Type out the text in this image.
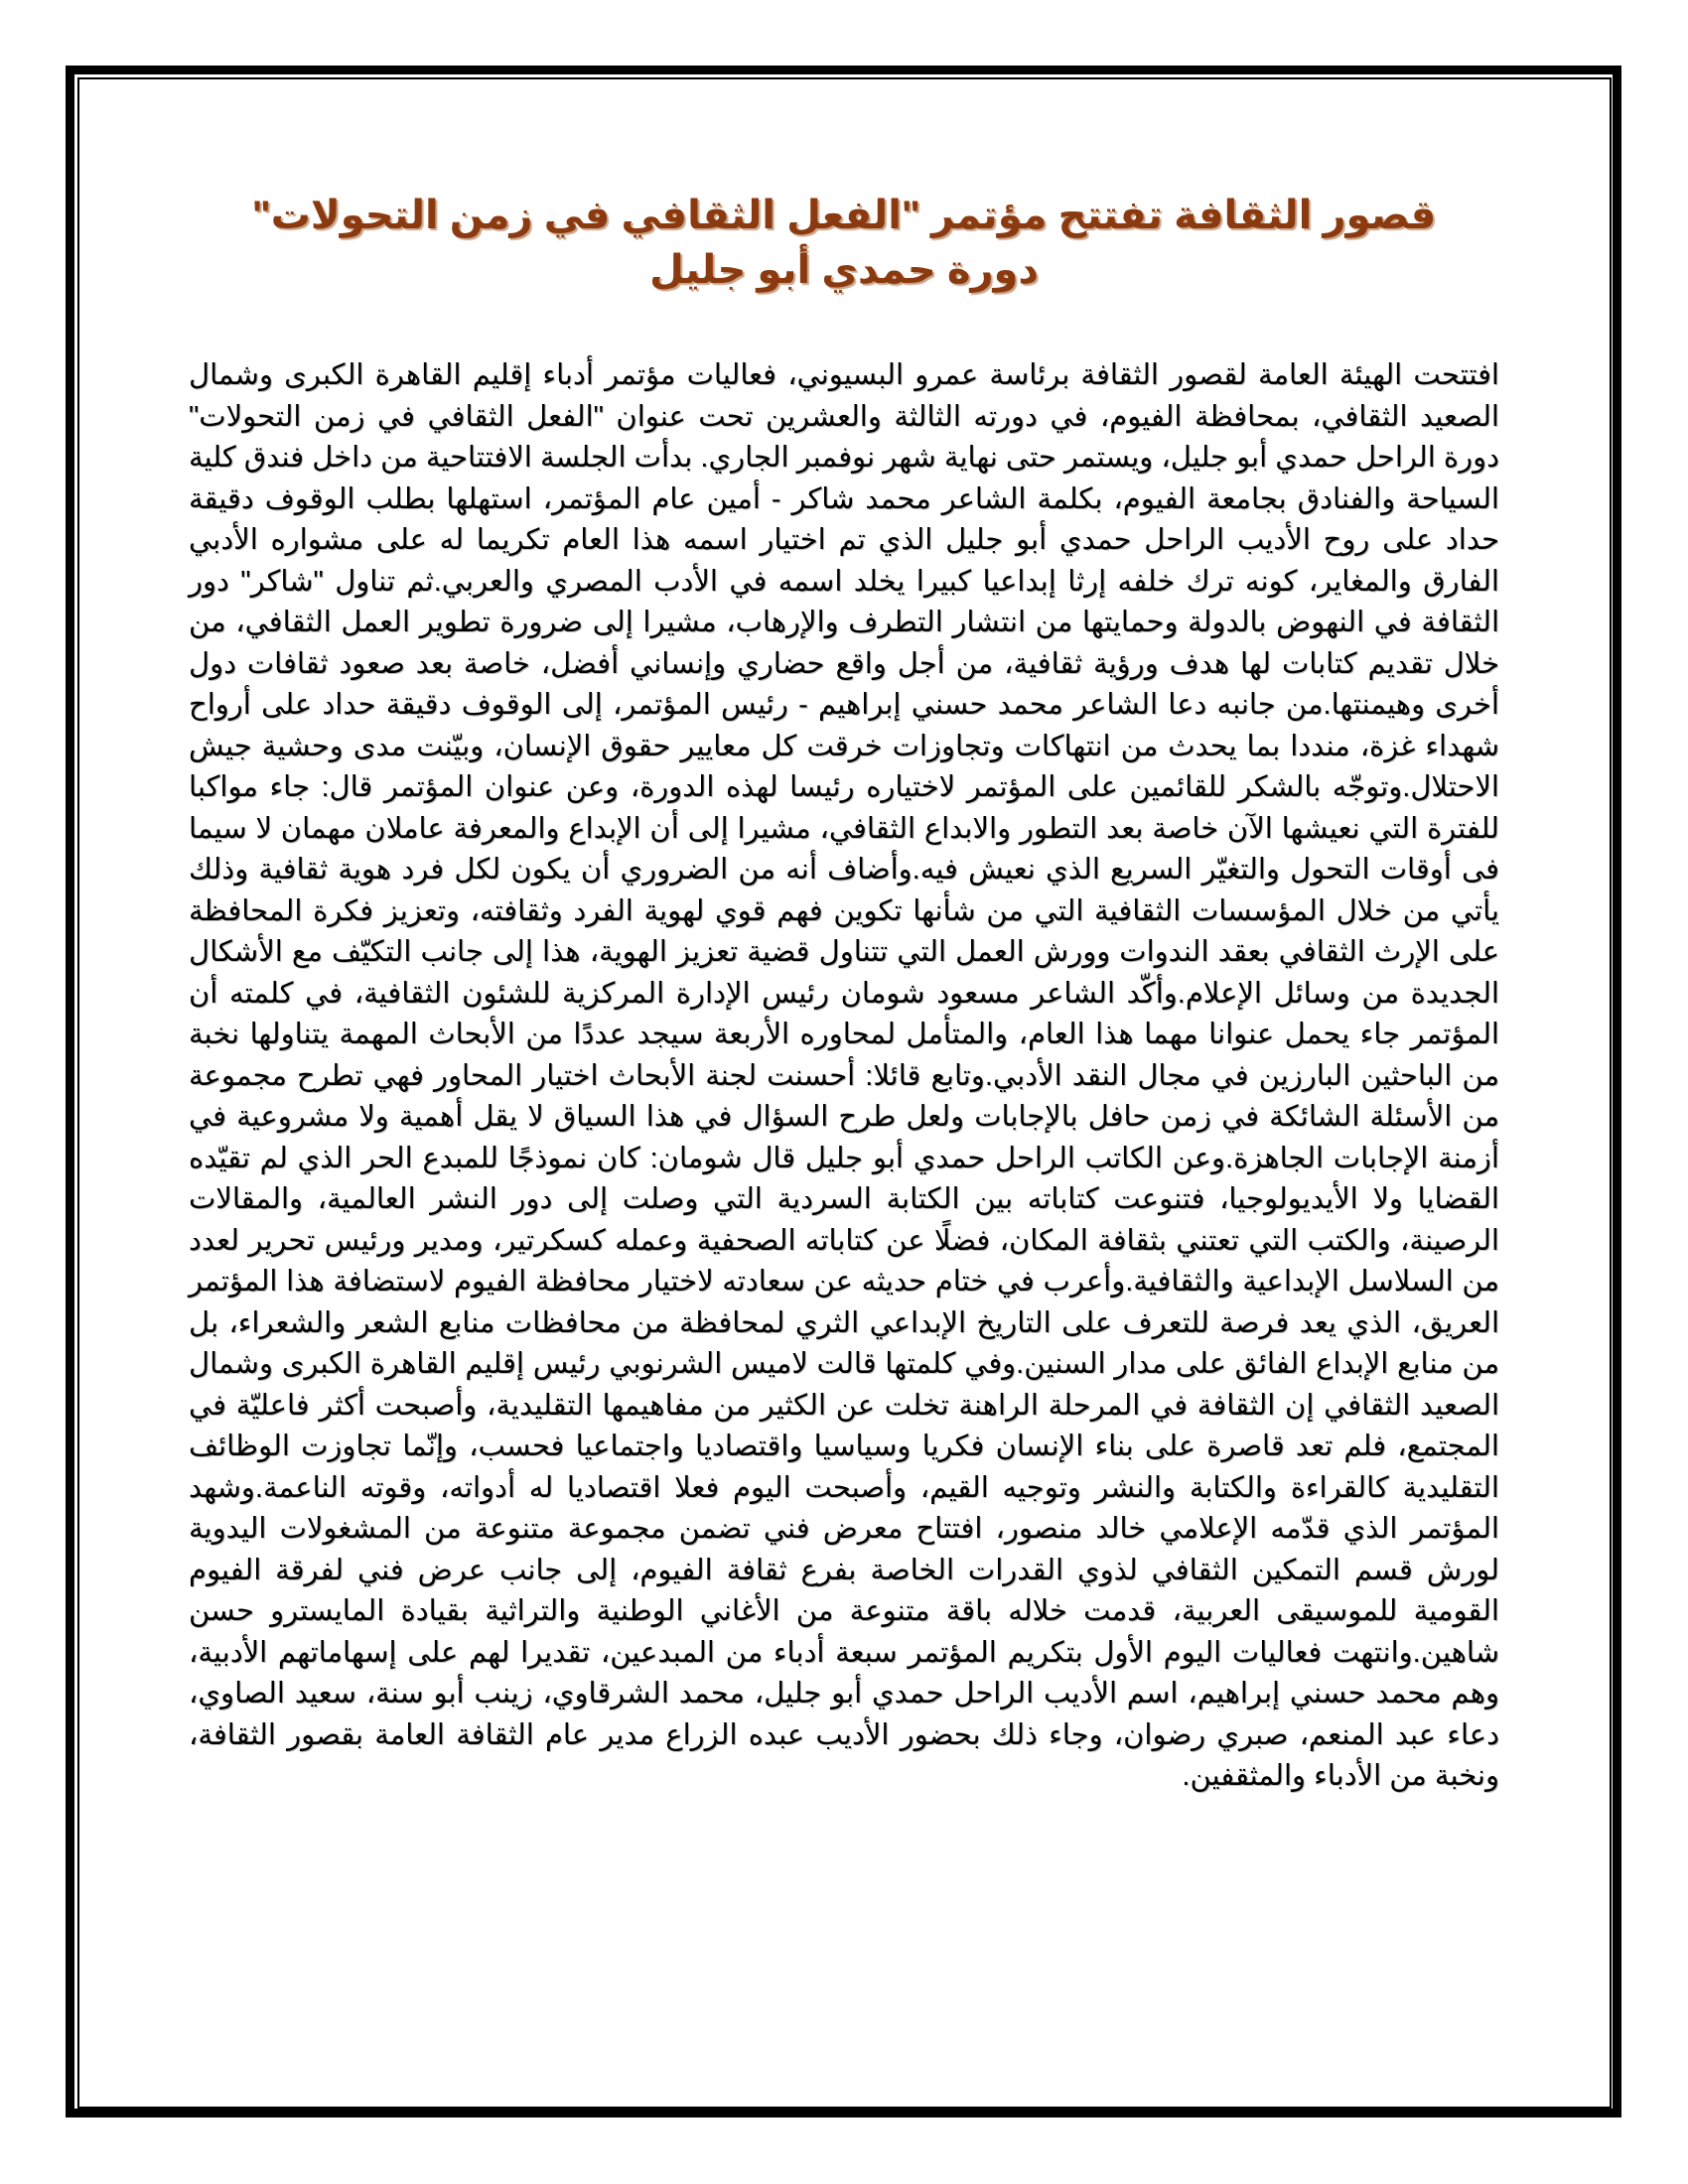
قصور الثقافة تفتتح مؤتمر "الفعل الثقافي في زمن التحولات" دورة حمدي أبو جليل

افتتحت الهيئة العامة لقصور الثقافة برئاسة عمرو البسيوني، فعاليات مؤتمر أدباء إقليم القاهرة الكبرى وشمال الصعيد الثقافي، بمحافظة الفيوم، في دورته الثالثة والعشرين تحت عنوان "الفعل الثقافي في زمن التحولات" دورة الراحل حمدي أبو جليل، ويستمر حتى نهاية شهر نوفمبر الجاري. بدأت الجلسة الافتتاحية من داخل فندق كلية السياحة والفنادق بجامعة الفيوم، بكلمة الشاعر محمد شاكر - أمين عام المؤتمر، استهلها بطلب الوقوف دقيقة حداد على روح الأديب الراحل حمدي أبو جليل الذي تم اختيار اسمه هذا العام تكريما له على مشواره الأدبي الفارق والمغاير، كونه ترك خلفه إرثا إبداعيا كبيرا يخلد اسمه في الأدب المصري والعربي.ثم تناول "شاكر" دور الثقافة في النهوض بالدولة وحمايتها من انتشار التطرف والإرهاب، مشيرا إلى ضرورة تطوير العمل الثقافي، من خلال تقديم كتابات لها هدف ورؤية ثقافية، من أجل واقع حضاري وإنساني أفضل، خاصة بعد صعود ثقافات دول أخرى وهيمنتها.من جانبه دعا الشاعر محمد حسني إبراهيم - رئيس المؤتمر، إلى الوقوف دقيقة حداد على أرواح شهداء غزة، منددا بما يحدث من انتهاكات وتجاوزات خرقت كل معايير حقوق الإنسان، وبيّنت مدى وحشية جيش الاحتلال.وتوجّه بالشكر للقائمين على المؤتمر لاختياره رئيسا لهذه الدورة، وعن عنوان المؤتمر قال: جاء مواكبا للفترة التي نعيشها الآن خاصة بعد التطور والابداع الثقافي، مشيرا إلى أن الإبداع والمعرفة عاملان مهمان لا سيما فى أوقات التحول والتغيّر السريع الذي نعيش فيه.وأضاف أنه من الضروري أن يكون لكل فرد هوية ثقافية وذلك يأتي من خلال المؤسسات الثقافية التي من شأنها تكوين فهم قوي لهوية الفرد وثقافته، وتعزيز فكرة المحافظة على الإرث الثقافي بعقد الندوات وورش العمل التي تتناول قضية تعزيز الهوية، هذا إلى جانب التكيّف مع الأشكال الجديدة من وسائل الإعلام.وأكّد الشاعر مسعود شومان رئيس الإدارة المركزية للشئون الثقافية، في كلمته أن المؤتمر جاء يحمل عنوانا مهما هذا العام، والمتأمل لمحاوره الأربعة سيجد عددًا من الأبحاث المهمة يتناولها نخبة من الباحثين البارزين في مجال النقد الأدبي.وتابع قائلا: أحسنت لجنة الأبحاث اختيار المحاور فهي تطرح مجموعة من الأسئلة الشائكة في زمن حافل بالإجابات ولعل طرح السؤال في هذا السياق لا يقل أهمية ولا مشروعية في أزمنة الإجابات الجاهزة.وعن الكاتب الراحل حمدي أبو جليل قال شومان: كان نموذجًا للمبدع الحر الذي لم تقيّده القضايا ولا الأيديولوجيا، فتنوعت كتاباته بين الكتابة السردية التي وصلت إلى دور النشر العالمية، والمقالات الرصينة، والكتب التي تعتني بثقافة المكان، فضلًا عن كتاباته الصحفية وعمله كسكرتير، ومدير ورئيس تحرير لعدد من السلاسل الإبداعية والثقافية.وأعرب في ختام حديثه عن سعادته لاختيار محافظة الفيوم لاستضافة هذا المؤتمر العريق، الذي يعد فرصة للتعرف على التاريخ الإبداعي الثري لمحافظة من محافظات منابع الشعر والشعراء، بل من منابع الإبداع الفائق على مدار السنين.وفي كلمتها قالت لاميس الشرنوبي رئيس إقليم القاهرة الكبرى وشمال الصعيد الثقافي إن الثقافة في المرحلة الراهنة تخلت عن الكثير من مفاهيمها التقليدية، وأصبحت أكثر فاعليّة في المجتمع، فلم تعد قاصرة على بناء الإنسان فكريا وسياسيا واقتصاديا واجتماعيا فحسب، وإنّما تجاوزت الوظائف التقليدية كالقراءة والكتابة والنشر وتوجيه القيم، وأصبحت اليوم فعلا اقتصاديا له أدواته، وقوته الناعمة.وشهد المؤتمر الذي قدّمه الإعلامي خالد منصور، افتتاح معرض فني تضمن مجموعة متنوعة من المشغولات اليدوية لورش قسم التمكين الثقافي لذوي القدرات الخاصة بفرع ثقافة الفيوم، إلى جانب عرض فني لفرقة الفيوم القومية للموسيقى العربية، قدمت خلاله باقة متنوعة من الأغاني الوطنية والتراثية بقيادة المايسترو حسن شاهين.وانتهت فعاليات اليوم الأول بتكريم المؤتمر سبعة أدباء من المبدعين، تقديرا لهم على إسهاماتهم الأدبية، وهم محمد حسني إبراهيم، اسم الأديب الراحل حمدي أبو جليل، محمد الشرقاوي، زينب أبو سنة، سعيد الصاوي، دعاء عبد المنعم، صبري رضوان، وجاء ذلك بحضور الأديب عبده الزراع مدير عام الثقافة العامة بقصور الثقافة، ونخبة من الأدباء والمثقفين.
